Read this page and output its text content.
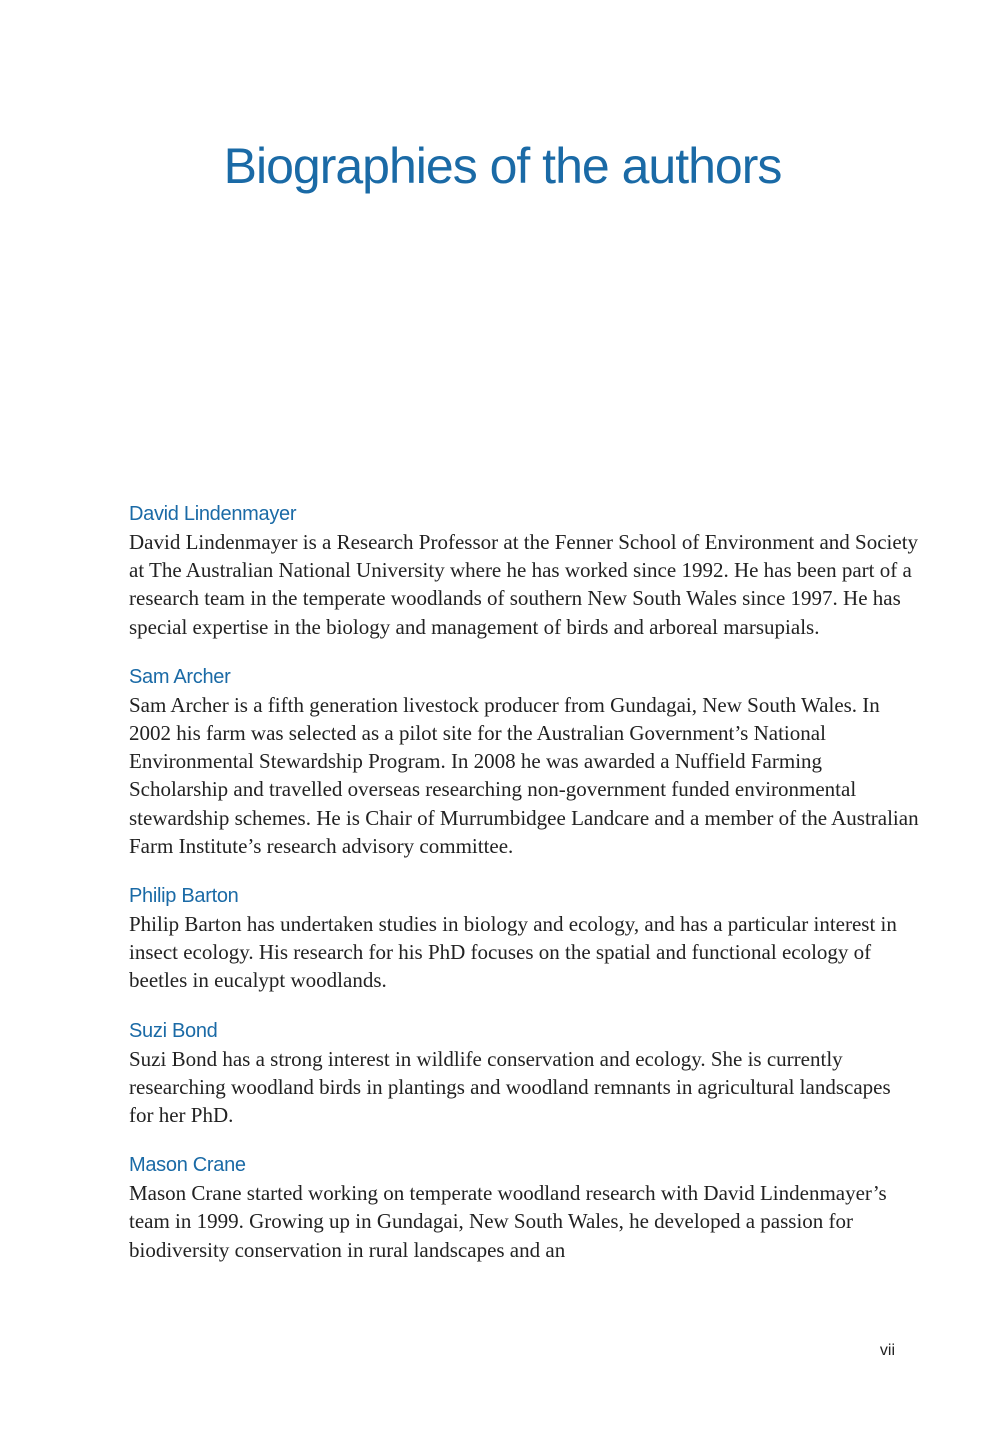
Biographies of the authors
David Lindenmayer

David Lindenmayer is a Research Professor at the Fenner School of Environment and Society at The Australian National University where he has worked since 1992. He has been part of a research team in the temperate woodlands of southern New South Wales since 1997. He has special expertise in the biology and management of birds and arboreal marsupials.

Sam Archer

Sam Archer is a fifth generation livestock producer from Gundagai, New South Wales. In 2002 his farm was selected as a pilot site for the Australian Government’s National Environmental Stewardship Program. In 2008 he was awarded a Nuffield Farming Scholarship and travelled overseas researching non-government funded environmental stewardship schemes. He is Chair of Murrumbidgee Landcare and a member of the Australian Farm Institute’s research advisory committee.

Philip Barton

Philip Barton has undertaken studies in biology and ecology, and has a particular interest in insect ecology. His research for his PhD focuses on the spatial and functional ecology of beetles in eucalypt woodlands.

Suzi Bond

Suzi Bond has a strong interest in wildlife conservation and ecology. She is currently researching woodland birds in plantings and woodland remnants in agricultural landscapes for her PhD.

Mason Crane

Mason Crane started working on temperate woodland research with David Lindenmayer’s team in 1999. Growing up in Gundagai, New South Wales, he developed a passion for biodiversity conservation in rural landscapes and an

vii
